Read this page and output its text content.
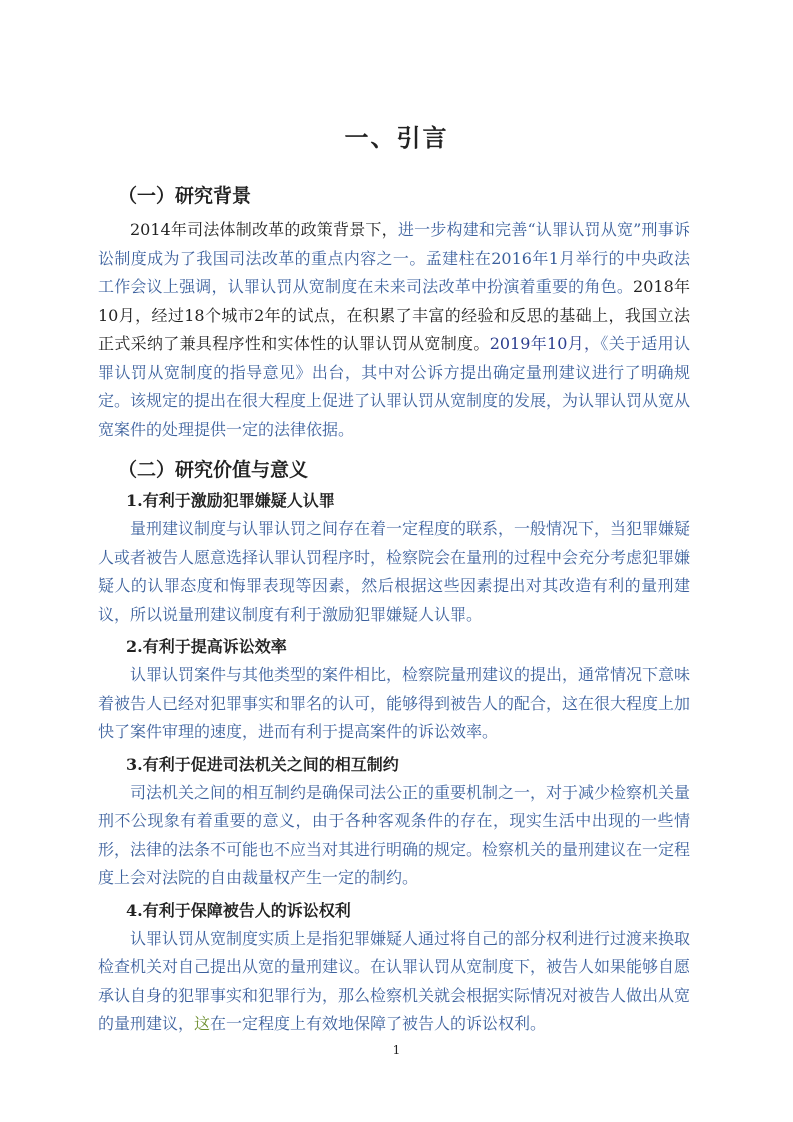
一、引言
（一）研究背景

2014年司法体制改革的政策背景下，进一步构建和完善“认罪认罚从宽”刑事诉讼制度成为了我国司法改革的重点内容之一。孟建柱在2016年1月举行的中央政法工作会议上强调，认罪认罚从宽制度在未来司法改革中扮演着重要的角色。2018年10月，经过18个城市2年的试点，在积累了丰富的经验和反思的基础上，我国立法正式采纳了兼具程序性和实体性的认罪认罚从宽制度。2019年10月，《关于适用认罪认罚从宽制度的指导意见》出台，其中对公诉方提出确定量刑建议进行了明确规定。该规定的提出在很大程度上促进了认罪认罚从宽制度的发展，为认罪认罚从宽从宽案件的处理提供一定的法律依据。

（二）研究价值与意义
1.有利于激励犯罪嫌疑人认罪

量刑建议制度与认罪认罚之间存在着一定程度的联系，一般情况下，当犯罪嫌疑人或者被告人愿意选择认罪认罚程序时，检察院会在量刑的过程中会充分考虑犯罪嫌疑人的认罪态度和悔罪表现等因素，然后根据这些因素提出对其改造有利的量刑建议，所以说量刑建议制度有利于激励犯罪嫌疑人认罪。

2.有利于提高诉讼效率

认罪认罚案件与其他类型的案件相比，检察院量刑建议的提出，通常情况下意味着被告人已经对犯罪事实和罪名的认可，能够得到被告人的配合，这在很大程度上加快了案件审理的速度，进而有利于提高案件的诉讼效率。

3.有利于促进司法机关之间的相互制约

司法机关之间的相互制约是确保司法公正的重要机制之一，对于减少检察机关量刑不公现象有着重要的意义，由于各种客观条件的存在，现实生活中出现的一些情形，法律的法条不可能也不应当对其进行明确的规定。检察机关的量刑建议在一定程度上会对法院的自由裁量权产生一定的制约。

4.有利于保障被告人的诉讼权利

认罪认罚从宽制度实质上是指犯罪嫌疑人通过将自己的部分权利进行过渡来换取检查机关对自己提出从宽的量刑建议。在认罪认罚从宽制度下，被告人如果能够自愿承认自身的犯罪事实和犯罪行为，那么检察机关就会根据实际情况对被告人做出从宽的量刑建议，这在一定程度上有效地保障了被告人的诉讼权利。

1
